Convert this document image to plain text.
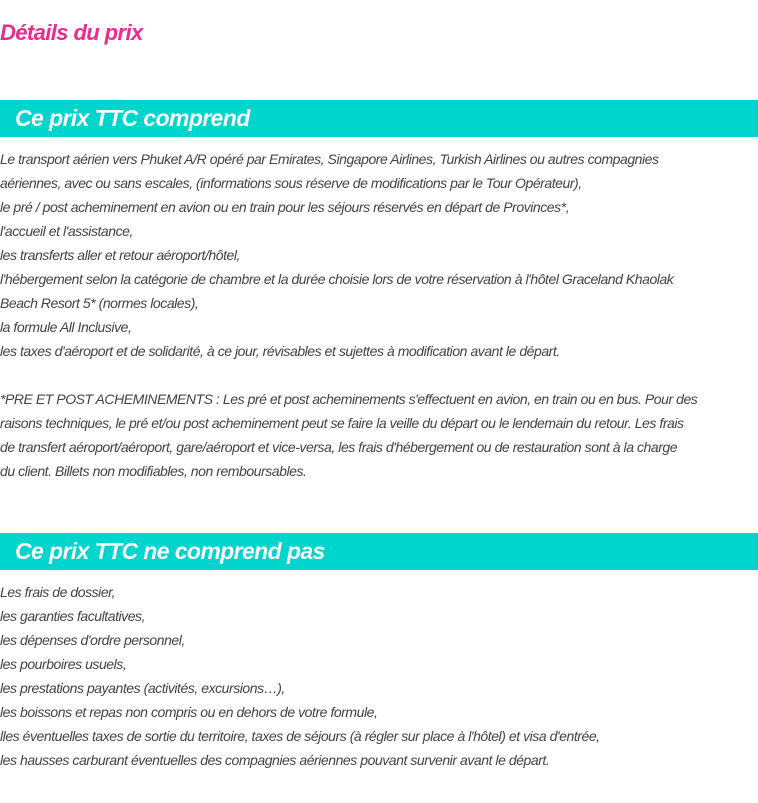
Détails du prix
Ce prix TTC comprend
Le transport aérien vers Phuket A/R opéré par Emirates, Singapore Airlines, Turkish Airlines ou autres compagnies
aériennes, avec ou sans escales, (informations sous réserve de modifications par le Tour Opérateur),
le pré / post acheminement en avion ou en train pour les séjours réservés en départ de Provinces*,
l'accueil et l'assistance,
les transferts aller et retour aéroport/hôtel,
l'hébergement selon la catégorie de chambre et la durée choisie lors de votre réservation à l'hôtel Graceland Khaolak
Beach Resort 5* (normes locales),
la formule All Inclusive,
les taxes d'aéroport et de solidarité, à ce jour, révisables et sujettes à modification avant le départ.
*PRE ET POST ACHEMINEMENTS : Les pré et post acheminements s'effectuent en avion, en train ou en bus. Pour des
raisons techniques, le pré et/ou post acheminement peut se faire la veille du départ ou le lendemain du retour. Les frais
de transfert aéroport/aéroport, gare/aéroport et vice-versa, les frais d'hébergement ou de restauration sont à la charge
du client. Billets non modifiables, non remboursables.
Ce prix TTC ne comprend pas
Les frais de dossier,
les garanties facultatives,
les dépenses d'ordre personnel,
les pourboires usuels,
les prestations payantes (activités, excursions…),
les boissons et repas non compris ou en dehors de votre formule,
lles éventuelles taxes de sortie du territoire, taxes de séjours (à régler sur place à l'hôtel) et visa d'entrée,
les hausses carburant éventuelles des compagnies aériennes pouvant survenir avant le départ.
